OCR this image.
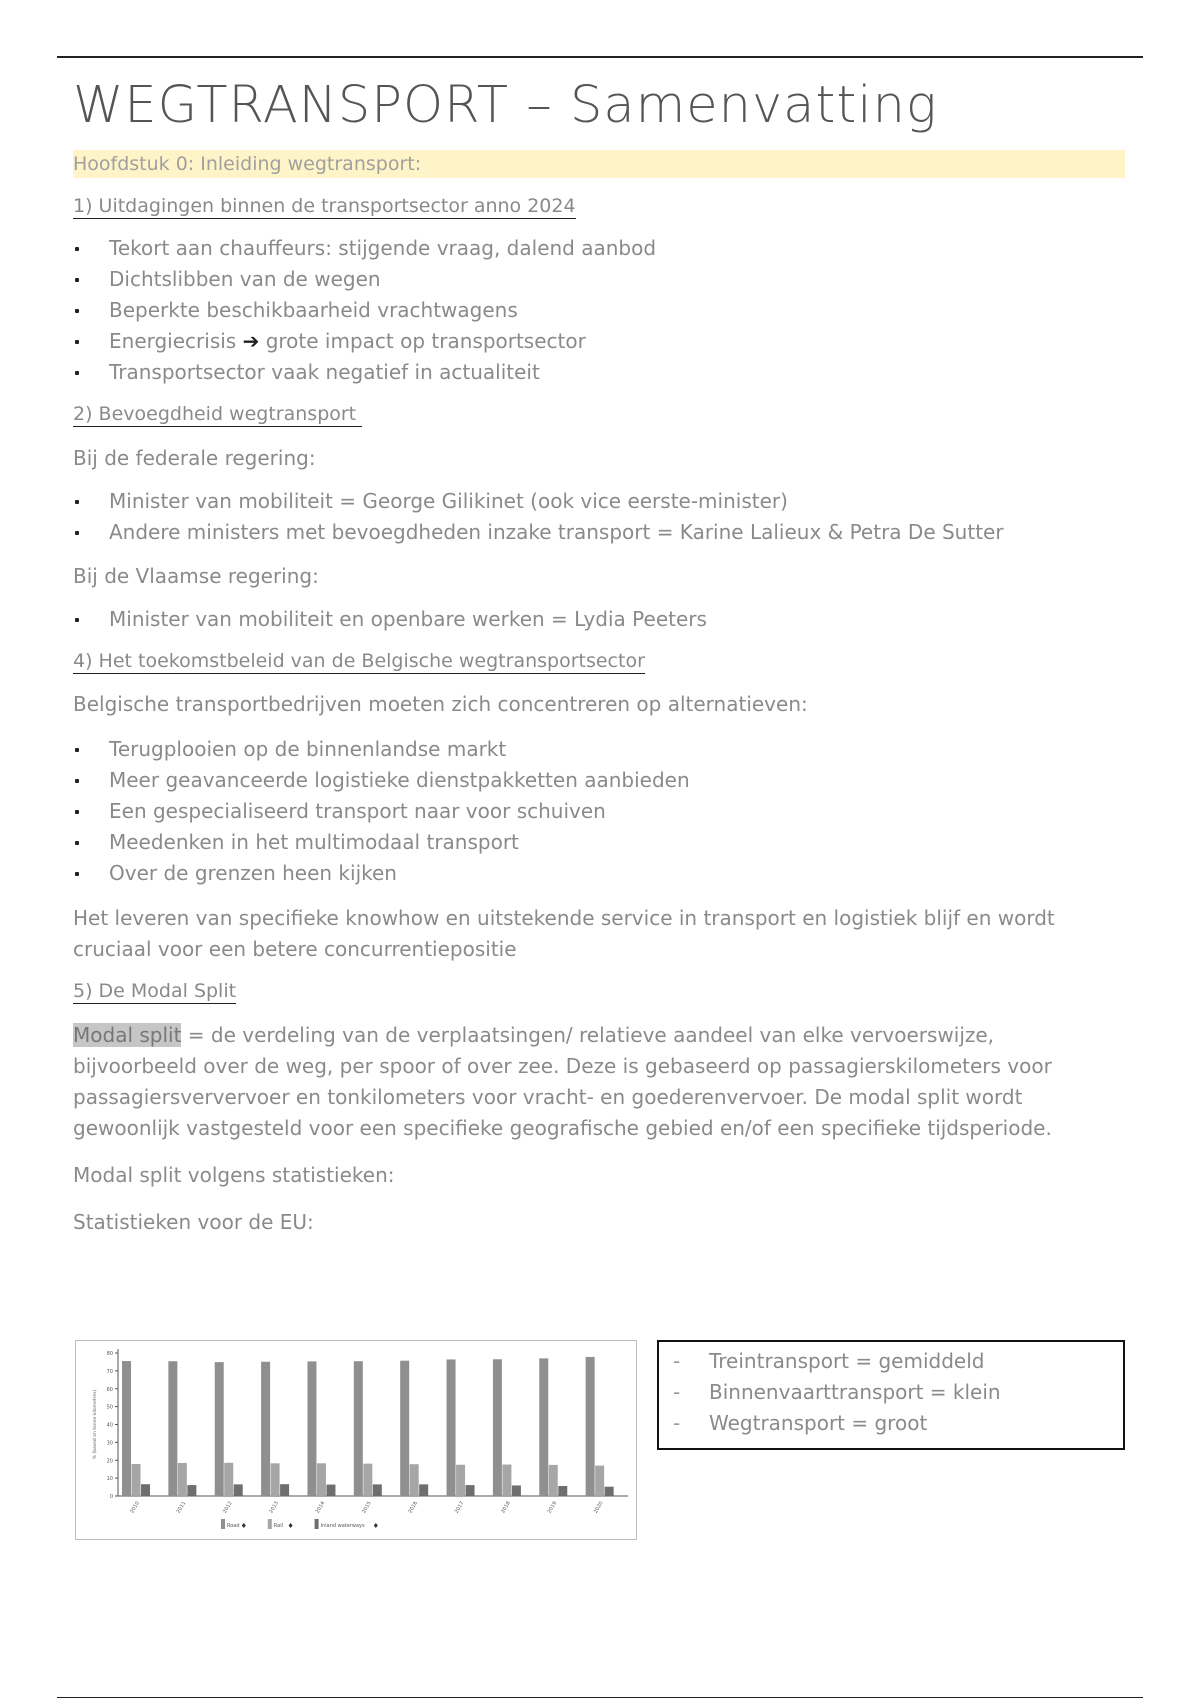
WEGTRANSPORT – Samenvatting
Hoofdstuk 0: Inleiding wegtransport:
1) Uitdagingen binnen de transportsector anno 2024
Tekort aan chauffeurs: stijgende vraag, dalend aanbod
Dichtslibben van de wegen
Beperkte beschikbaarheid vrachtwagens
Energiecrisis ➔ grote impact op transportsector
Transportsector vaak negatief in actualiteit
2) Bevoegdheid wegtransport

Bij de federale regering:

Minister van mobiliteit = George Gilikinet (ook vice eerste-minister)
Andere ministers met bevoegdheden inzake transport = Karine Lalieux & Petra De Sutter

Bij de Vlaamse regering:

Minister van mobiliteit en openbare werken = Lydia Peeters
4) Het toekomstbeleid van de Belgische wegtransportsector

Belgische transportbedrijven moeten zich concentreren op alternatieven:

Terugplooien op de binnenlandse markt
Meer geavanceerde logistieke dienstpakketten aanbieden
Een gespecialiseerd transport naar voor schuiven
Meedenken in het multimodaal transport
Over de grenzen heen kijken

Het leveren van specifieke knowhow en uitstekende service in transport en logistiek blijf en wordt cruciaal voor een betere concurrentiepositie

5) De Modal Split

Modal split = de verdeling van de verplaatsingen/ relatieve aandeel van elke vervoerswijze, bijvoorbeeld over de weg, per spoor of over zee. Deze is gebaseerd op passagierskilometers voor passagiersververvoer en tonkilometers voor vracht- en goederenvervoer. De modal split wordt gewoonlijk vastgesteld voor een specifieke geografische gebied en/of een specifieke tijdsperiode.

Modal split volgens statistieken:

Statistieken voor de EU:

0
10
20
30
40
50
60
70
80
% (based on tonne-kilometres)
2010	2011	2012	2013	2014	2015	2016	2017	2018	2019	2020
Road	Rail	Inland waterways
- Treintransport = gemiddeld
- Binnenvaarttransport = klein
- Wegtransport = groot
